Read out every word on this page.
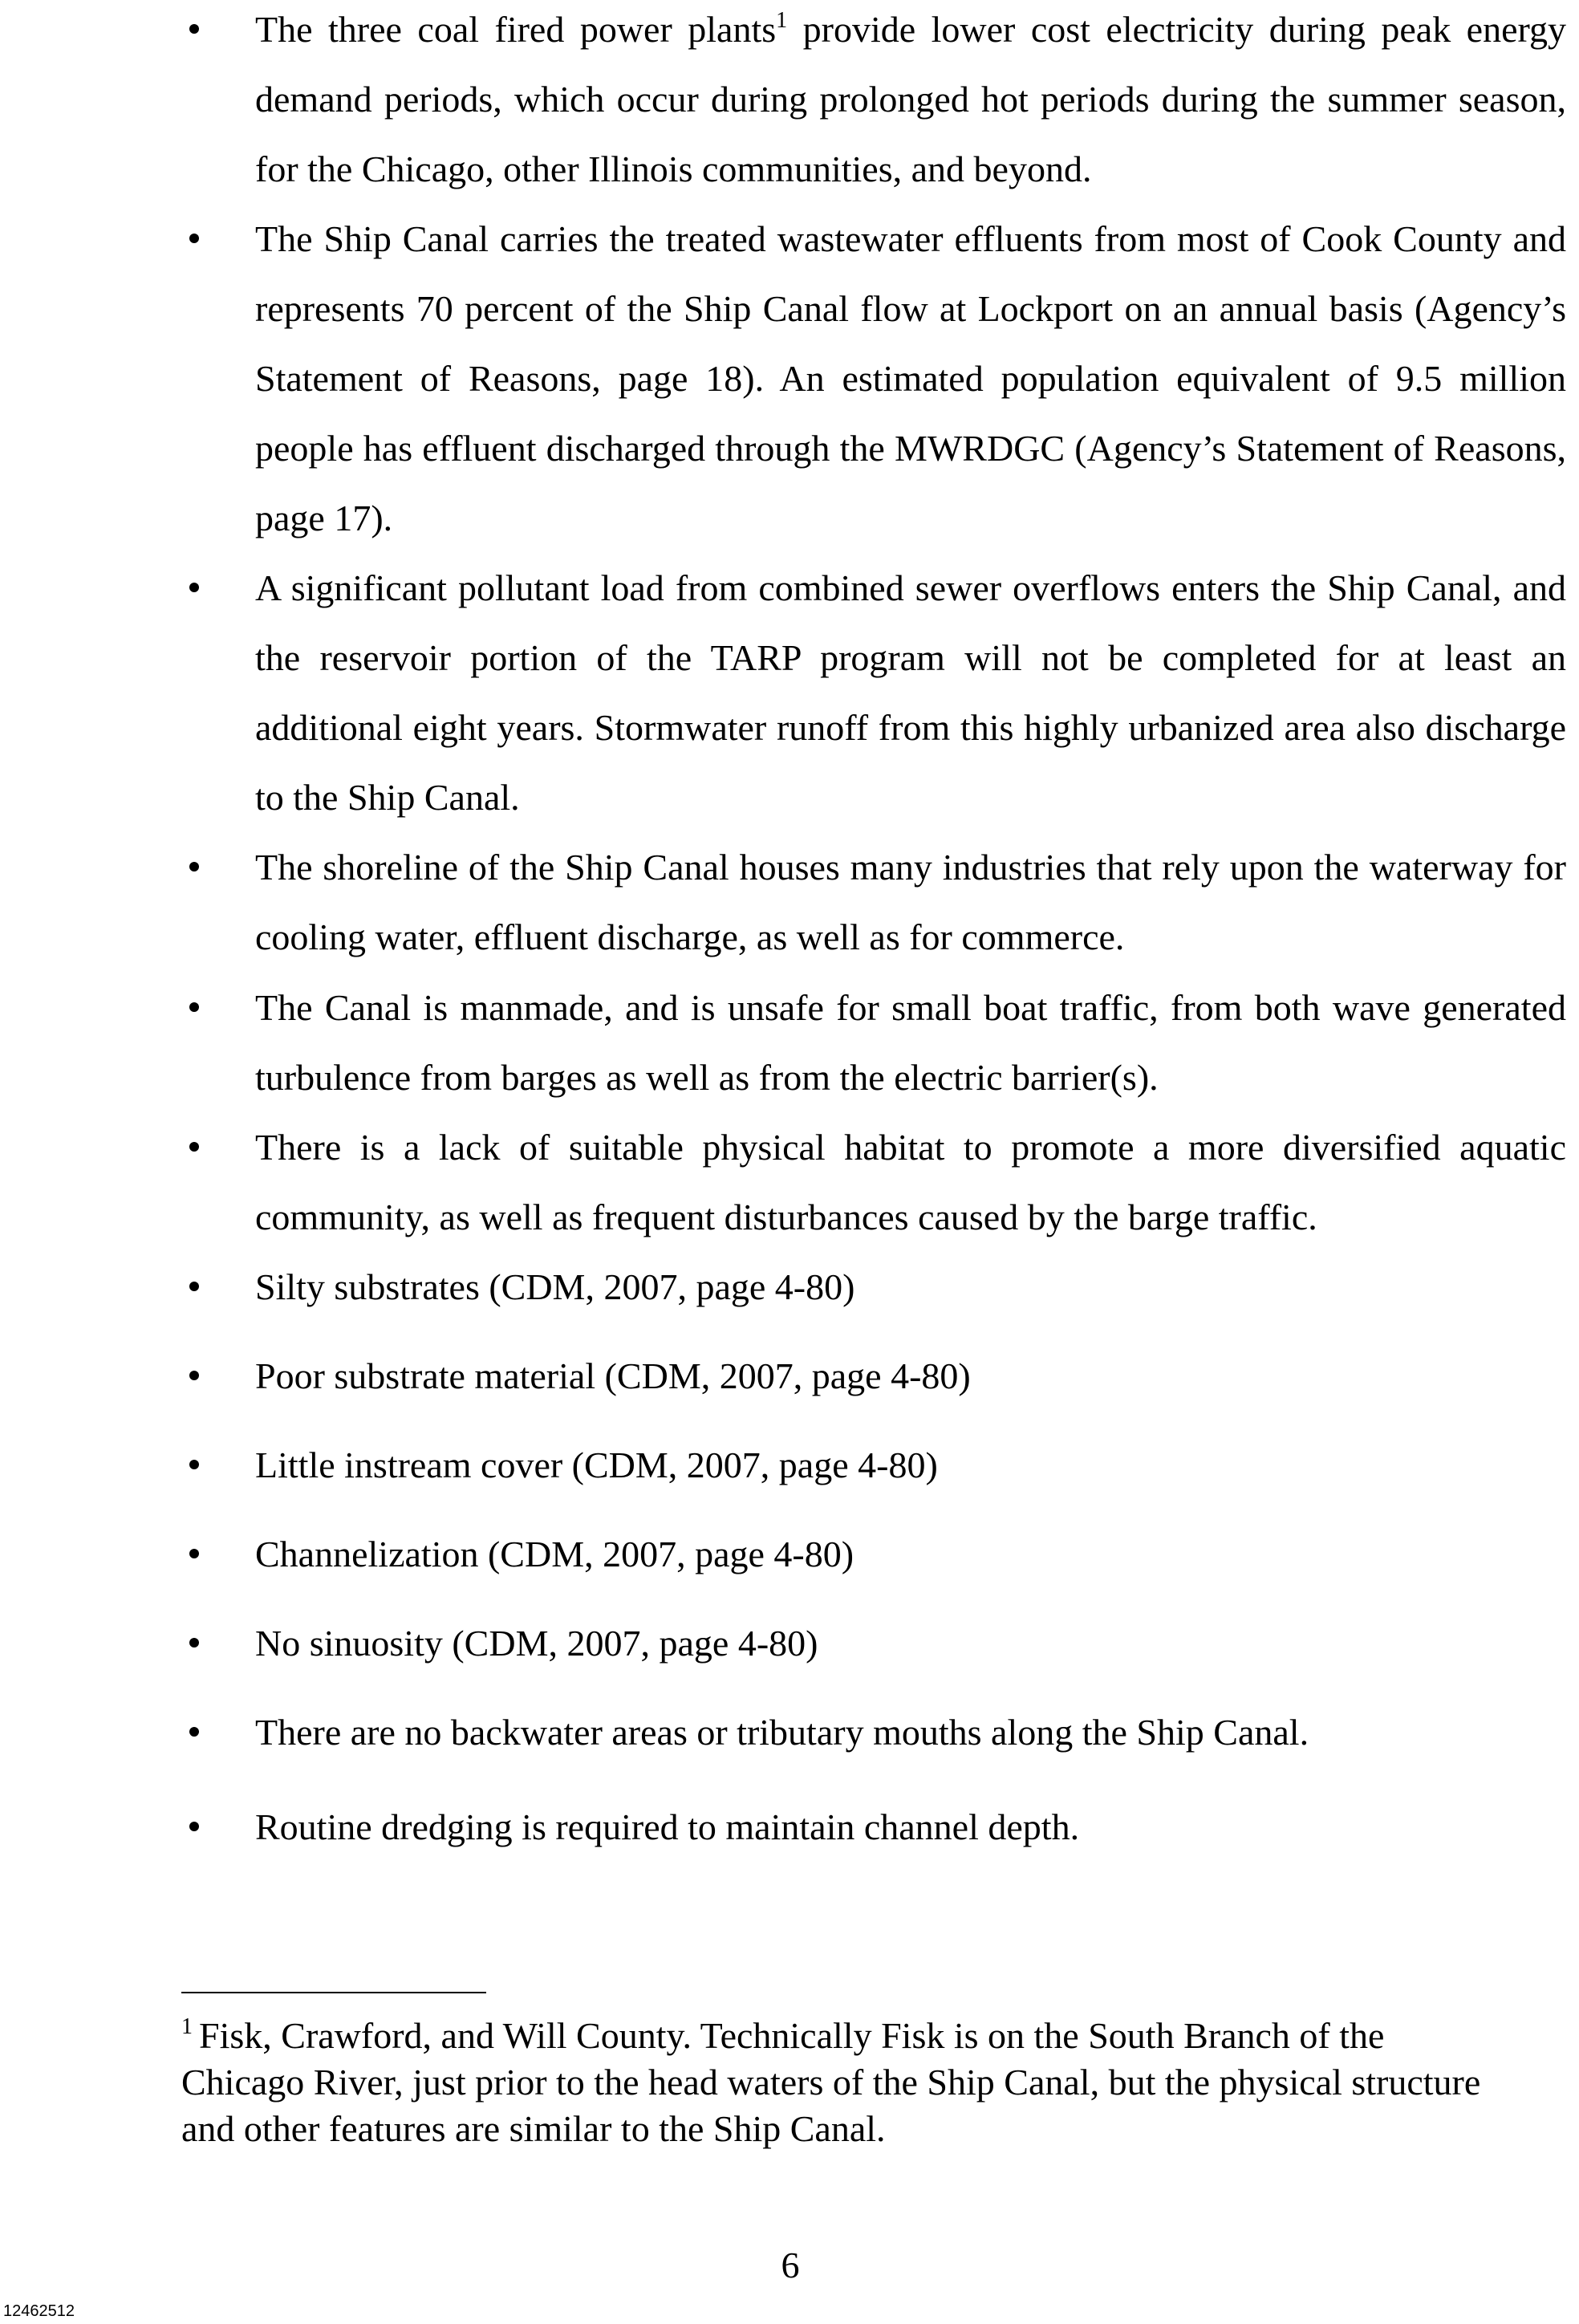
The three coal fired power plants$^1$ provide lower cost electricity during peak energy demand periods, which occur during prolonged hot periods during the summer season, for the Chicago, other Illinois communities, and beyond.
The Ship Canal carries the treated wastewater effluents from most of Cook County and represents 70 percent of the Ship Canal flow at Lockport on an annual basis (Agency’s Statement of Reasons, page 18). An estimated population equivalent of 9.5 million people has effluent discharged through the MWRDGC (Agency’s Statement of Reasons, page 17).
A significant pollutant load from combined sewer overflows enters the Ship Canal, and the reservoir portion of the TARP program will not be completed for at least an additional eight years. Stormwater runoff from this highly urbanized area also discharge to the Ship Canal.
The shoreline of the Ship Canal houses many industries that rely upon the waterway for cooling water, effluent discharge, as well as for commerce.
The Canal is manmade, and is unsafe for small boat traffic, from both wave generated turbulence from barges as well as from the electric barrier(s).
There is a lack of suitable physical habitat to promote a more diversified aquatic community, as well as frequent disturbances caused by the barge traffic.
Silty substrates (CDM, 2007, page 4-80)
Poor substrate material (CDM, 2007, page 4-80)
Little instream cover (CDM, 2007, page 4-80)
Channelization (CDM, 2007, page 4-80)
No sinuosity (CDM, 2007, page 4-80)
There are no backwater areas or tributary mouths along the Ship Canal.
Routine dredging is required to maintain channel depth.

$^1$ Fisk, Crawford, and Will County. Technically Fisk is on the South Branch of the Chicago River, just prior to the head waters of the Ship Canal, but the physical structure and other features are similar to the Ship Canal.

6
12462512
